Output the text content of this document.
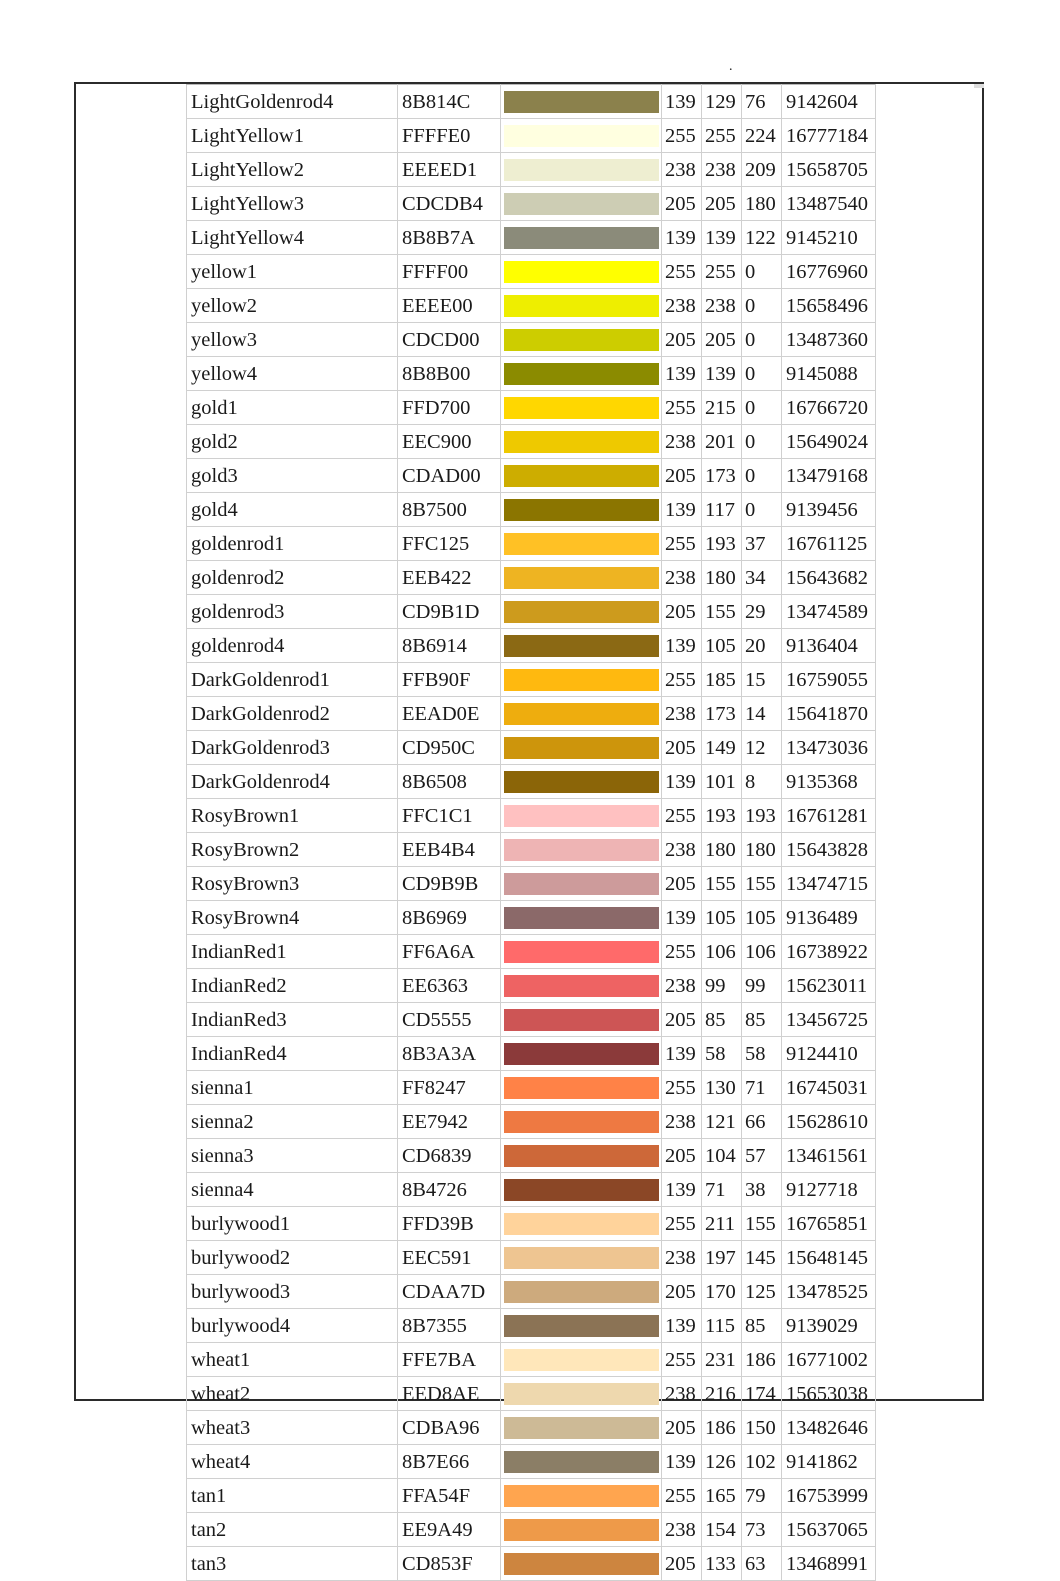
.
LightGoldenrod4	8B814C		139	129	76	9142604
LightYellow1	FFFFE0		255	255	224	16777184
LightYellow2	EEEED1		238	238	209	15658705
LightYellow3	CDCDB4		205	205	180	13487540
LightYellow4	8B8B7A		139	139	122	9145210
yellow1	FFFF00		255	255	0	16776960
yellow2	EEEE00		238	238	0	15658496
yellow3	CDCD00		205	205	0	13487360
yellow4	8B8B00		139	139	0	9145088
gold1	FFD700		255	215	0	16766720
gold2	EEC900		238	201	0	15649024
gold3	CDAD00		205	173	0	13479168
gold4	8B7500		139	117	0	9139456
goldenrod1	FFC125		255	193	37	16761125
goldenrod2	EEB422		238	180	34	15643682
goldenrod3	CD9B1D		205	155	29	13474589
goldenrod4	8B6914		139	105	20	9136404
DarkGoldenrod1	FFB90F		255	185	15	16759055
DarkGoldenrod2	EEAD0E		238	173	14	15641870
DarkGoldenrod3	CD950C		205	149	12	13473036
DarkGoldenrod4	8B6508		139	101	8	9135368
RosyBrown1	FFC1C1		255	193	193	16761281
RosyBrown2	EEB4B4		238	180	180	15643828
RosyBrown3	CD9B9B		205	155	155	13474715
RosyBrown4	8B6969		139	105	105	9136489
IndianRed1	FF6A6A		255	106	106	16738922
IndianRed2	EE6363		238	99	99	15623011
IndianRed3	CD5555		205	85	85	13456725
IndianRed4	8B3A3A		139	58	58	9124410
sienna1	FF8247		255	130	71	16745031
sienna2	EE7942		238	121	66	15628610
sienna3	CD6839		205	104	57	13461561
sienna4	8B4726		139	71	38	9127718
burlywood1	FFD39B		255	211	155	16765851
burlywood2	EEC591		238	197	145	15648145
burlywood3	CDAA7D		205	170	125	13478525
burlywood4	8B7355		139	115	85	9139029
wheat1	FFE7BA		255	231	186	16771002
wheat2	EED8AE		238	216	174	15653038
wheat3	CDBA96		205	186	150	13482646
wheat4	8B7E66		139	126	102	9141862
tan1	FFA54F		255	165	79	16753999
tan2	EE9A49		238	154	73	15637065
tan3	CD853F		205	133	63	13468991
